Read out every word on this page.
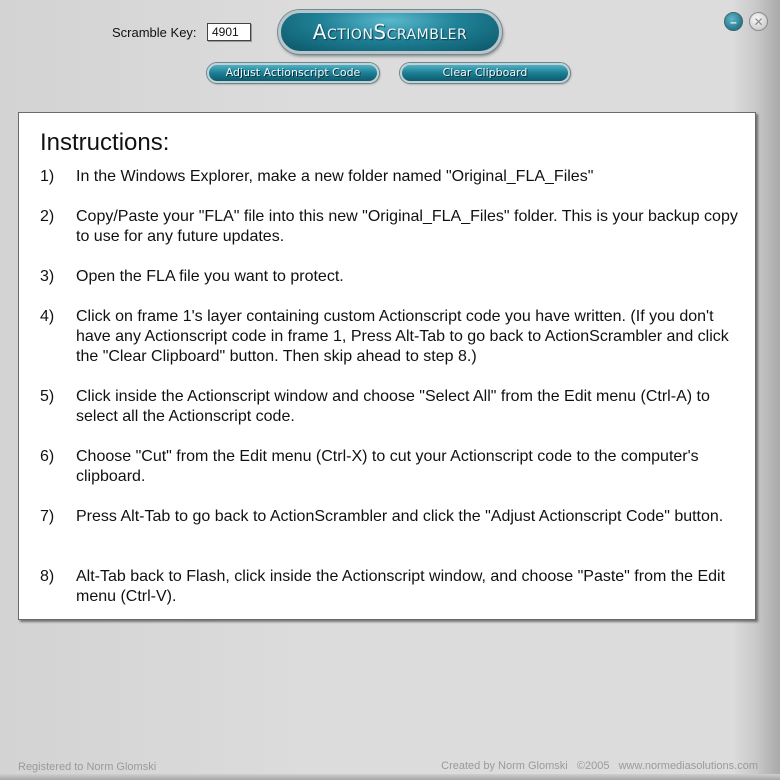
Scramble Key:
4901	ActionScrambler	– ✕
Adjust Actionscript Code	Clear Clipboard
Instructions:
1) In the Windows Explorer, make a new folder named "Original_FLA_Files"
2) Copy/Paste your "FLA" file into this new "Original_FLA_Files" folder. This is your backup copy to use for any future updates.
3) Open the FLA file you want to protect.
4) Click on frame 1's layer containing custom Actionscript code you have written. (If you don't have any Actionscript code in frame 1, Press Alt-Tab to go back to ActionScrambler and click the "Clear Clipboard" button. Then skip ahead to step 8.)
5) Click inside the Actionscript window and choose "Select All" from the Edit menu (Ctrl-A) to select all the Actionscript code.
6) Choose "Cut" from the Edit menu (Ctrl-X) to cut your Actionscript code to the computer's clipboard.
7) Press Alt-Tab to go back to ActionScrambler and click the "Adjust Actionscript Code" button.
8) Alt-Tab back to Flash, click inside the Actionscript window, and choose "Paste" from the Edit menu (Ctrl-V).
Registered to Norm Glomski	Created by Norm Glomski   ©2005   www.normediasolutions.com
